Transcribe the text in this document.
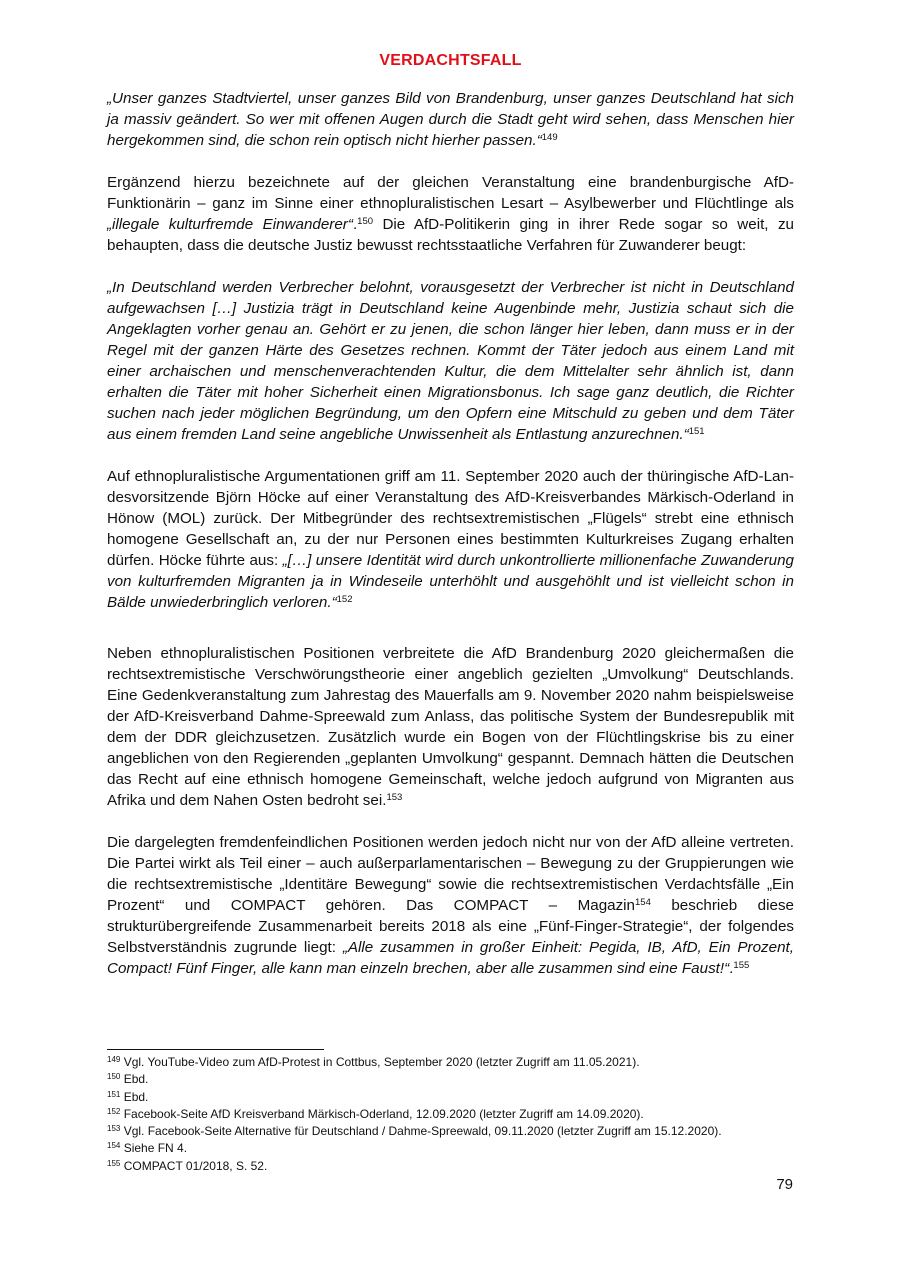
VERDACHTSFALL

„Unser ganzes Stadtviertel, unser ganzes Bild von Brandenburg, unser ganzes Deutschland hat sich ja massiv geändert. So wer mit offenen Augen durch die Stadt geht wird sehen, dass Menschen hier hergekommen sind, die schon rein optisch nicht hierher passen.“$^{149}$

Ergänzend hierzu bezeichnete auf der gleichen Veranstaltung eine brandenburgische AfD-Funktionärin – ganz im Sinne einer ethnopluralistischen Lesart – Asylbewerber und Flüchtlinge als „illegale kulturfremde Einwanderer“.$^{150}$ Die AfD-Politikerin ging in ihrer Rede sogar so weit, zu behaupten, dass die deutsche Justiz bewusst rechtsstaatliche Verfahren für Zuwanderer beugt:

„In Deutschland werden Verbrecher belohnt, vorausgesetzt der Verbrecher ist nicht in Deutschland aufgewachsen […] Justizia trägt in Deutschland keine Augenbinde mehr, Justizia schaut sich die Angeklagten vorher genau an. Gehört er zu jenen, die schon länger hier leben, dann muss er in der Regel mit der ganzen Härte des Gesetzes rechnen. Kommt der Täter jedoch aus einem Land mit einer archaischen und menschenverachtenden Kultur, die dem Mittelalter sehr ähnlich ist, dann erhalten die Täter mit hoher Sicherheit einen Migrationsbonus. Ich sage ganz deutlich, die Richter suchen nach jeder möglichen Begründung, um den Opfern eine Mitschuld zu geben und dem Täter aus einem fremden Land seine angebliche Unwissenheit als Entlastung anzurechnen.“$^{151}$

Auf ethnopluralistische Argumentationen griff am 11. September 2020 auch der thüringische AfD-Landesvorsitzende Björn Höcke auf einer Veranstaltung des AfD-Kreisverbandes Märkisch-Oderland in Hönow (MOL) zurück. Der Mitbegründer des rechtsextremistischen „Flügels“ strebt eine ethnisch homogene Gesellschaft an, zu der nur Personen eines bestimmten Kulturkreises Zugang erhalten dürfen. Höcke führte aus: „[…] unsere Identität wird durch unkontrollierte millionenfache Zuwanderung von kulturfremden Migranten ja in Windeseile unterhöhlt und ausgehöhlt und ist vielleicht schon in Bälde unwiederbringlich verloren.“$^{152}$

Neben ethnopluralistischen Positionen verbreitete die AfD Brandenburg 2020 gleichermaßen die rechtsextremistische Verschwörungstheorie einer angeblich gezielten „Umvolkung“ Deutschlands. Eine Gedenkveranstaltung zum Jahrestag des Mauerfalls am 9. November 2020 nahm beispielsweise der AfD-Kreisverband Dahme-Spreewald zum Anlass, das politische System der Bundesrepublik mit dem der DDR gleichzusetzen. Zusätzlich wurde ein Bogen von der Flüchtlingskrise bis zu einer angeblichen von den Regierenden „geplanten Umvolkung“ gespannt. Demnach hätten die Deutschen das Recht auf eine ethnisch homogene Gemeinschaft, welche jedoch aufgrund von Migranten aus Afrika und dem Nahen Osten bedroht sei.$^{153}$

Die dargelegten fremdenfeindlichen Positionen werden jedoch nicht nur von der AfD alleine vertreten. Die Partei wirkt als Teil einer – auch außerparlamentarischen – Bewegung zu der Gruppierungen wie die rechtsextremistische „Identitäre Bewegung“ sowie die rechtsextremistischen Verdachtsfälle „Ein Prozent“ und COMPACT gehören. Das COMPACT – Magazin$^{154}$ beschrieb diese strukturübergreifende Zusammenarbeit bereits 2018 als eine „Fünf-Finger-Strategie“, der folgendes Selbstverständnis zugrunde liegt: „Alle zusammen in großer Einheit: Pegida, IB, AfD, Ein Prozent, Compact! Fünf Finger, alle kann man einzeln brechen, aber alle zusammen sind eine Faust!“.$^{155}$

$^{149}$ Vgl. YouTube-Video zum AfD-Protest in Cottbus, September 2020 (letzter Zugriff am 11.05.2021).

$^{150}$ Ebd.

$^{151}$ Ebd.

$^{152}$ Facebook-Seite AfD Kreisverband Märkisch-Oderland, 12.09.2020 (letzter Zugriff am 14.09.2020).

$^{153}$ Vgl. Facebook-Seite Alternative für Deutschland / Dahme-Spreewald, 09.11.2020 (letzter Zugriff am 15.12.2020).

$^{154}$ Siehe FN 4.

$^{155}$ COMPACT 01/2018, S. 52.

79
